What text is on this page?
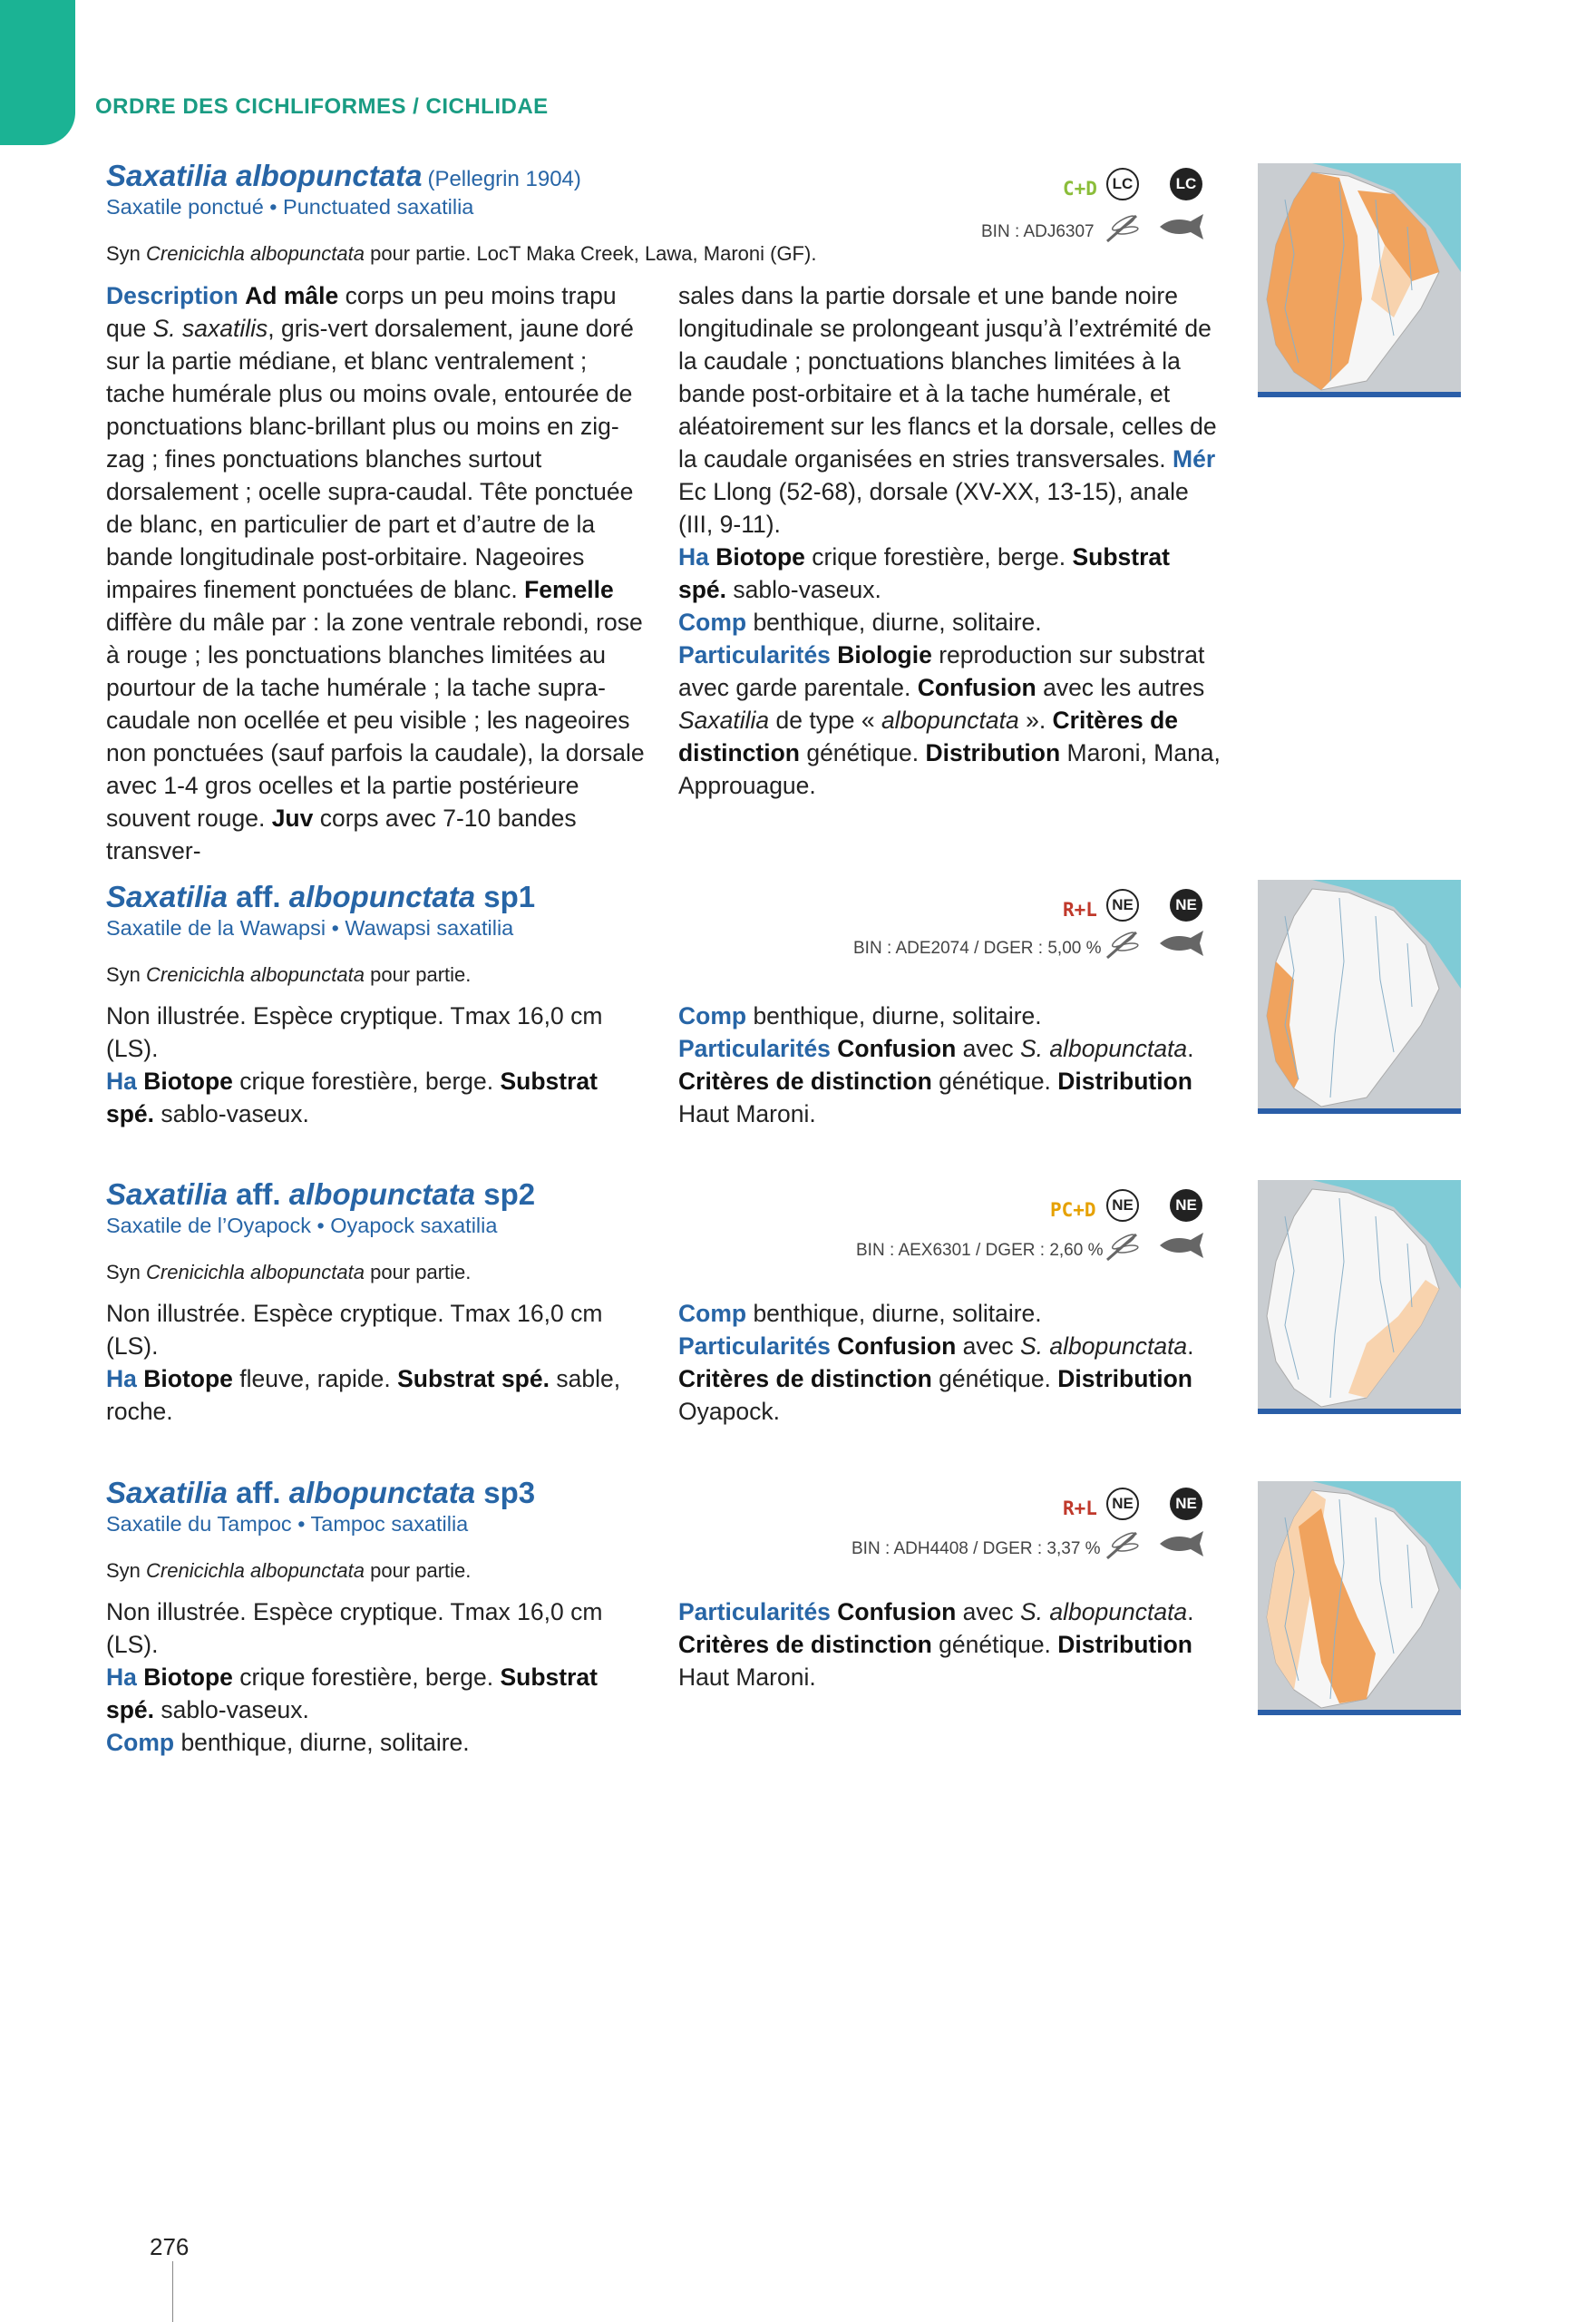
ORDRE DES CICHLIFORMES / CICHLIDAE
Saxatilia albopunctata (Pellegrin 1904)
Saxatile ponctué • Punctuated saxatilia
Syn Crenicichla albopunctata pour partie. LocT Maka Creek, Lawa, Maroni (GF).
C+D LC	LC
BIN : ADJ6307
Description Ad mâle corps un peu moins trapu que S. saxatilis, gris-vert dorsalement, jaune doré sur la partie médiane, et blanc ventralement ; tache humérale plus ou moins ovale, entourée de ponctuations blanc-brillant plus ou moins en zig-zag ; fines ponctuations blanches surtout dorsalement ; ocelle supra-caudal. Tête ponctuée de blanc, en particulier de part et d’autre de la bande longitudinale post-orbitaire. Nageoires impaires finement ponctuées de blanc. Femelle diffère du mâle par : la zone ventrale rebondi, rose à rouge ; les ponctuations blanches limitées au pourtour de la tache humérale ; la tache supra-caudale non ocellée et peu visible ; les nageoires non ponctuées (sauf parfois la caudale), la dorsale avec 1-4 gros ocelles et la partie postérieure souvent rouge. Juv corps avec 7-10 bandes transver-
sales dans la partie dorsale et une bande noire longitudinale se prolongeant jusqu’à l’extrémité de la caudale ; ponctuations blanches limitées à la bande post-orbitaire et à la tache humérale, et aléatoirement sur les flancs et la dorsale, celles de la caudale organisées en stries transversales. Mér Ec Llong (52-68), dorsale (XV-XX, 13-15), anale (III, 9-11).
Ha Biotope crique forestière, berge. Substrat spé. sablo-vaseux.
Comp benthique, diurne, solitaire.
Particularités Biologie reproduction sur substrat avec garde parentale. Confusion avec les autres Saxatilia de type « albopunctata ». Critères de distinction génétique. Distribution Maroni, Mana, Approuague.
Saxatilia aff. albopunctata sp1
Saxatile de la Wawapsi • Wawapsi saxatilia
Syn Crenicichla albopunctata pour partie.
R+L NE	NE
BIN : ADE2074 / DGER : 5,00 %
Non illustrée. Espèce cryptique. Tmax 16,0 cm (LS).
Ha Biotope crique forestière, berge. Substrat spé. sablo-vaseux.
Comp benthique, diurne, solitaire.
Particularités Confusion avec S. albopunctata. Critères de distinction génétique. Distribution Haut Maroni.
Saxatilia aff. albopunctata sp2
Saxatile de l’Oyapock • Oyapock saxatilia
Syn Crenicichla albopunctata pour partie.
PC+D	NE	NE
BIN : AEX6301 / DGER : 2,60 %
Non illustrée. Espèce cryptique. Tmax 16,0 cm (LS).
Ha Biotope fleuve, rapide. Substrat spé. sable, roche.
Comp benthique, diurne, solitaire.
Particularités Confusion avec S. albopunctata. Critères de distinction génétique. Distribution Oyapock.
Saxatilia aff. albopunctata sp3
Saxatile du Tampoc • Tampoc saxatilia
Syn Crenicichla albopunctata pour partie.
R+L NE	NE
BIN : ADH4408 / DGER : 3,37 %
Non illustrée. Espèce cryptique. Tmax 16,0 cm (LS).
Ha Biotope crique forestière, berge. Substrat spé. sablo-vaseux.
Comp benthique, diurne, solitaire.
Particularités Confusion avec S. albopunctata. Critères de distinction génétique. Distribution Haut Maroni.
276
